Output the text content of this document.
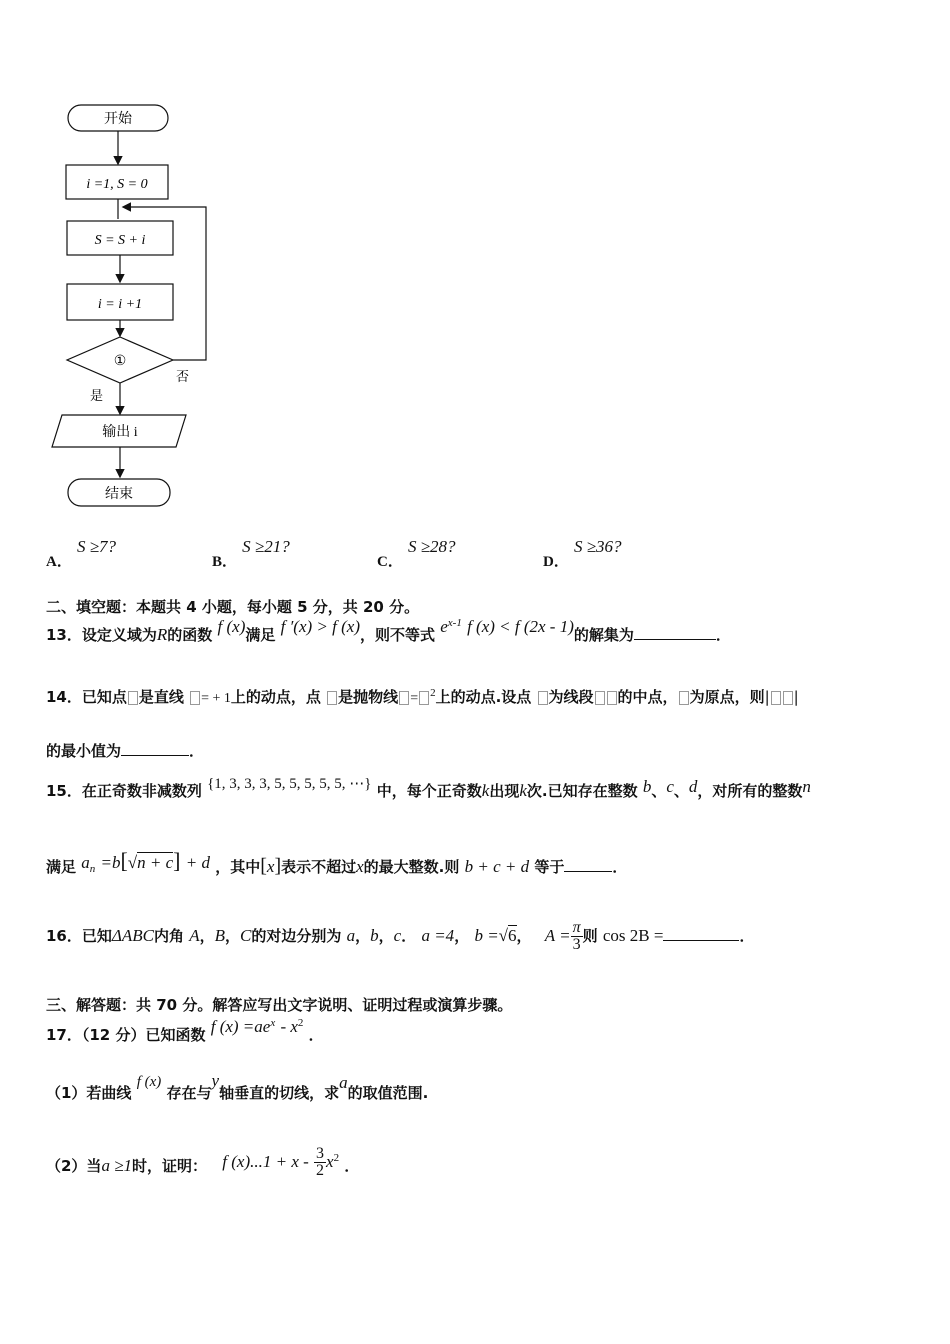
开始
i =1, S = 0
S = S + i
i = i +1
①
否
是
输出 i
结束
A． S ≥7?
B． S ≥21?
C． S ≥28?
D． S ≥36?
二、填空题：本题共 4 小题，每小题 5 分，共 20 分。
13．设定义域为R的函数 f (x)满足 f ′(x) > f (x)，则不等式 $e^{x-1}$ f (x) < f (2x - 1)的解集为	．
14．已知点 是直线 = + 1上的动点，点 是抛物线 = $^2$上的动点.设点 为线段 的中点， 为原点，则| |
的最小值为	．
15．在正奇数非减数列 {1, 3, 3, 3, 5, 5, 5, 5, 5, ⋯} 中，每个正奇数k出现k次.已知存在整数 b、c、d，对所有的整数n
满足 $a_n =b[√n + c] + d$ ，其中[x]表示不超过x的最大整数.则 b + c + d 等于	．
16．已知ΔABC内角 A，B，C的对边分别为 a，b，c． a =4， b =√6， $A = \frac{\pi}{3}$ 则 cos 2B =	．
三、解答题：共 70 分。解答应写出文字说明、证明过程或演算步骤。
17．（12 分）已知函数 f $(x) =ae^x - x^2$ ．
（1）若曲线 f (x) 存在与y轴垂直的切线，求a的取值范围.
（2）当a ≥1时，证明： f $(x)...1 + x - \frac{3}{2} x^2$ ．
